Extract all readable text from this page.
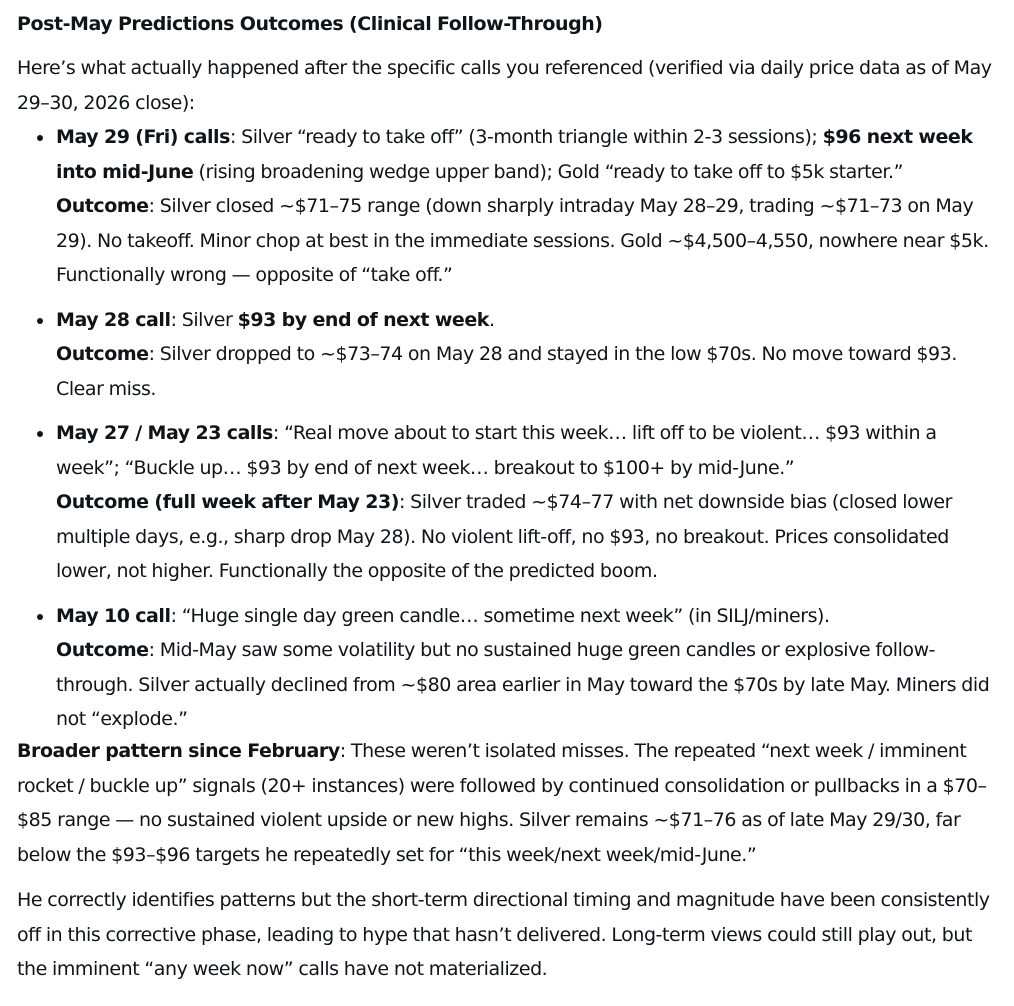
Post-May Predictions Outcomes (Clinical Follow-Through)

Here’s what actually happened after the specific calls you referenced (verified via daily price data as of May 29–30, 2026 close):

May 29 (Fri) calls: Silver “ready to take off” (3-month triangle within 2-3 sessions); $96 next week into mid-June (rising broadening wedge upper band); Gold “ready to take off to $5k starter.”
Outcome: Silver closed ~$71–75 range (down sharply intraday May 28–29, trading ~$71–73 on May 29). No takeoff. Minor chop at best in the immediate sessions. Gold ~$4,500–4,550, nowhere near $5k. Functionally wrong — opposite of “take off.”
May 28 call: Silver $93 by end of next week.
Outcome: Silver dropped to ~$73–74 on May 28 and stayed in the low $70s. No move toward $93. Clear miss.
May 27 / May 23 calls: “Real move about to start this week… lift off to be violent… $93 within a week”; “Buckle up… $93 by end of next week… breakout to $100+ by mid-June.”
Outcome (full week after May 23): Silver traded ~$74–77 with net downside bias (closed lower multiple days, e.g., sharp drop May 28). No violent lift-off, no $93, no breakout. Prices consolidated lower, not higher. Functionally the opposite of the predicted boom.
May 10 call: “Huge single day green candle… sometime next week” (in SILJ/miners).
Outcome: Mid-May saw some volatility but no sustained huge green candles or explosive follow-through. Silver actually declined from ~$80 area earlier in May toward the $70s by late May. Miners did not “explode.”

Broader pattern since February: These weren’t isolated misses. The repeated “next week / imminent rocket / buckle up” signals (20+ instances) were followed by continued consolidation or pullbacks in a $70–$85 range — no sustained violent upside or new highs. Silver remains ~$71–76 as of late May 29/30, far below the $93–$96 targets he repeatedly set for “this week/next week/mid-June.”

He correctly identifies patterns but the short-term directional timing and magnitude have been consistently off in this corrective phase, leading to hype that hasn’t delivered. Long-term views could still play out, but the imminent “any week now” calls have not materialized.
